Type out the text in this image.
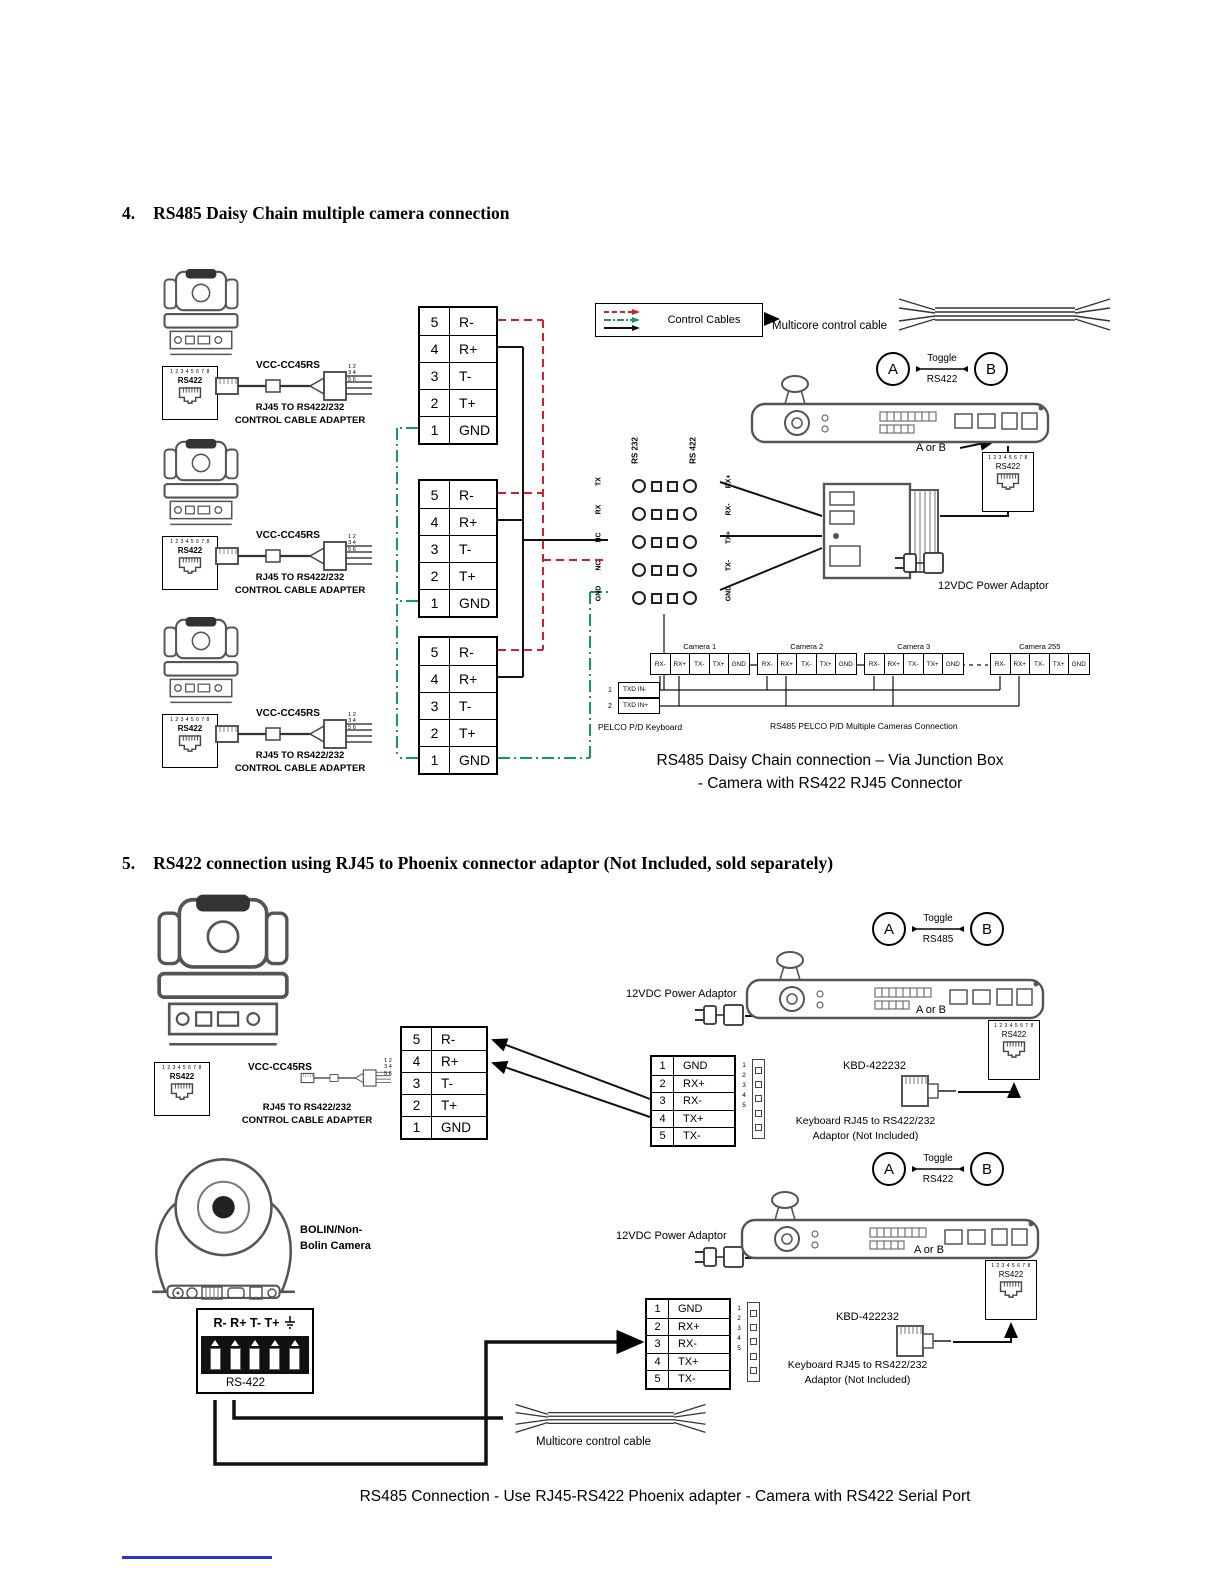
4. RS485 Daisy Chain multiple camera connection
1 2 3 4 5 6 7 8
RS422
VCC-CC45RS	1 2 3 4 5 6
RJ45 TO RS422/232
CONTROL CABLE ADAPTER
1 2 3 4 5 6 7 8
RS422
VCC-CC45RS	1 2 3 4 5 6
RJ45 TO RS422/232
CONTROL CABLE ADAPTER
1 2 3 4 5 6 7 8
RS422
VCC-CC45RS	1 2 3 4 5 6
RJ45 TO RS422/232
CONTROL CABLE ADAPTER
5	R-
4	R+
3	T-
2	T+
1	GND
5	R-
4	R+
3	T-
2	T+
1	GND
5	R-
4	R+
3	T-
2	T+
1	GND
Control Cables	Multicore control cable
A
Toggle
RS422
B
A or B
1 2 3 4 5 6 7 8
RS422
RS 232	RS 422
TX	RX+
RX	RX-
NC	TX+
NC	TX-
GND	GND	12VDC Power Adaptor
Camera 1
RX-	RX+	TX-	TX+	GND
Camera 2
RX-	RX+	TX-	TX+	GND
Camera 3
RX-	RX+	TX-	TX+	GND
Camera 255
RX-	RX+	TX-	TX+	GND
1	TXD IN-
2	TXD IN+
PELCO P/D Keyboard	RS485 PELCO P/D Multiple Cameras Connection
RS485 Daisy Chain connection – Via Junction Box
- Camera with RS422 RJ45 Connector
5. RS422 connection using RJ45 to Phoenix connector adaptor (Not Included, sold separately)
1 2 3 4 5 6 7 8
RS422
VCC-CC45RS
1 2 3 4 5 6
RJ45 TO RS422/232
CONTROL CABLE ADAPTER
5	R-
4	R+
3	T-
2	T+
1	GND
12VDC Power Adaptor
A
Toggle
RS485
B
A or B
1 2 3 4 5 6 7 8
RS422
1	GND
2	RX+
3	RX-
4	TX+
5	TX-
1 2 3 4 5
KBD-422232
Keyboard RJ45 to RS422/232
Adaptor (Not Included)
BOLIN/Non-
Bolin Camera
R- R+ T- T+
RS-422
12VDC Power Adaptor
A
Toggle
RS422
B
A or B
1 2 3 4 5 6 7 8
RS422
1	GND
2	RX+
3	RX-
4	TX+
5	TX-
1 2 3 4 5
KBD-422232
Keyboard RJ45 to RS422/232
Adaptor (Not Included)
Multicore control cable
RS485 Connection - Use RJ45-RS422 Phoenix adapter - Camera with RS422 Serial Port
